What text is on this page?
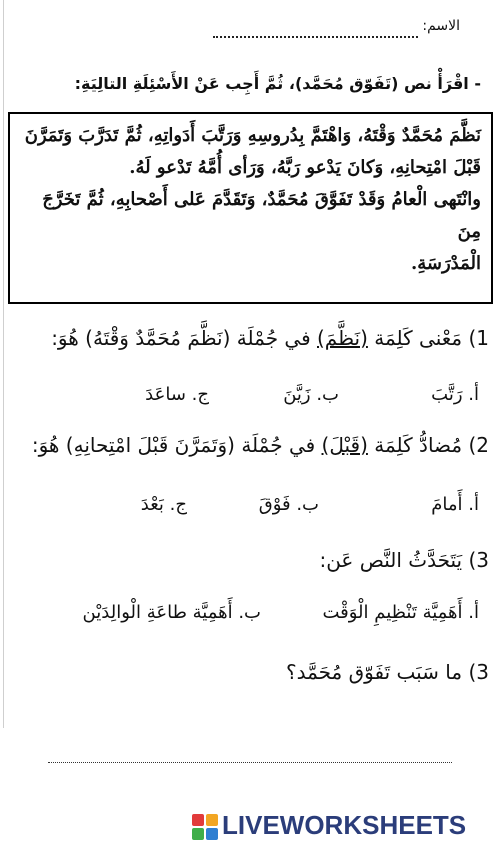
الاسم:
- اقْرَأْ نص (تَفَوّق مُحَمَّد)، ثُمَّ أَجِب عَنْ الأَسْئِلَةِ التالِيَةِ:

نَظَّمَ مُحَمَّدٌ وَقْتَهُ، وَاهْتَمَّ بِدُروسِهِ وَرَتَّبَ أَدَواتِهِ، ثُمَّ تَدَرَّبَ وَتَمَرَّنَ

قَبْلَ امْتِحانِهِ، وَكانَ يَدْعو رَبَّهُ، وَرَأى أُمَّهُ تَدْعو لَهُ.

وانْتَهى الْعامُ وَقَدْ تَفَوَّقَ مُحَمَّدٌ، وَتَقَدَّمَ عَلى أَصْحابِهِ، ثُمَّ تَخَرَّجَ مِنَ

الْمَدْرَسَةِ.

1) مَعْنى كَلِمَة (نَظَّمَ) في جُمْلَة (نَظَّمَ مُحَمَّدٌ وَقْتَهُ) هُوَ:
أ. رَتَّبَ
ب. زَيَّنَ
ج. ساعَدَ
2) مُضادُّ كَلِمَة (قَبْلَ) في جُمْلَة (وَتَمَرَّنَ قَبْلَ امْتِحانِهِ) هُوَ:
أ. أَمامَ
ب. فَوْقَ
ج. بَعْدَ
3) يَتَحَدَّثُ النَّص عَن:
أ. أَهَمِيَّة تَنْظِيمِ الْوَقْت
ب. أَهَمِيَّة طاعَةِ الْوالِدَيْن
3) ما سَبَب تَفَوّق مُحَمَّد؟
LIVEWORKSHEETS
